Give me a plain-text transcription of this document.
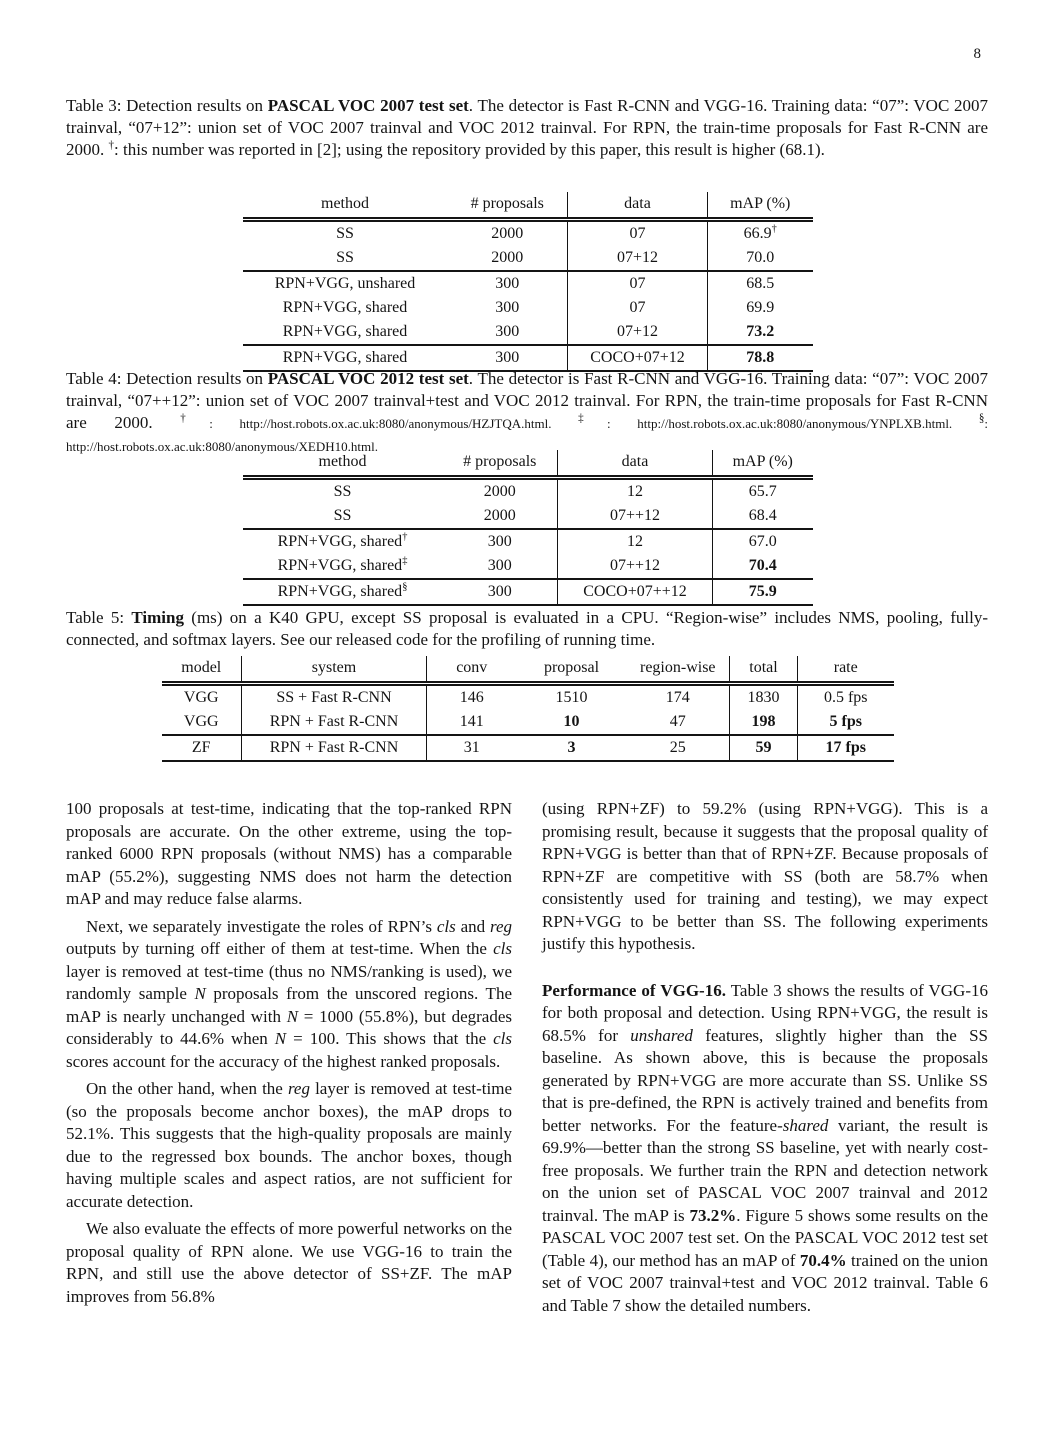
8
Table 3: Detection results on PASCAL VOC 2007 test set. The detector is Fast R-CNN and VGG-16. Training data: “07”: VOC 2007 trainval, “07+12”: union set of VOC 2007 trainval and VOC 2012 trainval. For RPN, the train-time proposals for Fast R-CNN are 2000. †: this number was reported in [2]; using the repository provided by this paper, this result is higher (68.1).
method	# proposals	data	mAP (%)
SS	2000	07	66.9†
SS	2000	07+12	70.0
RPN+VGG, unshared	300	07	68.5
RPN+VGG, shared	300	07	69.9
RPN+VGG, shared	300	07+12	73.2
RPN+VGG, shared	300	COCO+07+12	78.8
Table 4: Detection results on PASCAL VOC 2012 test set. The detector is Fast R-CNN and VGG-16. Training data: “07”: VOC 2007 trainval, “07++12”: union set of VOC 2007 trainval+test and VOC 2012 trainval. For RPN, the train-time proposals for Fast R-CNN are 2000. †: http://host.robots.ox.ac.uk:8080/anonymous/HZJTQA.html. ‡: http://host.robots.ox.ac.uk:8080/anonymous/YNPLXB.html. §: http://host.robots.ox.ac.uk:8080/anonymous/XEDH10.html.
method	# proposals	data	mAP (%)
SS	2000	12	65.7
SS	2000	07++12	68.4
RPN+VGG, shared†	300	12	67.0
RPN+VGG, shared‡	300	07++12	70.4
RPN+VGG, shared§	300	COCO+07++12	75.9
Table 5: Timing (ms) on a K40 GPU, except SS proposal is evaluated in a CPU. “Region-wise” includes NMS, pooling, fully-connected, and softmax layers. See our released code for the profiling of running time.
model	system	conv	proposal	region-wise	total	rate
VGG	SS + Fast R-CNN	146	1510	174	1830	0.5 fps
VGG	RPN + Fast R-CNN	141	10	47	198	5 fps
ZF	RPN + Fast R-CNN	31	3	25	59	17 fps

100 proposals at test-time, indicating that the top-ranked RPN proposals are accurate. On the other extreme, using the top-ranked 6000 RPN proposals (without NMS) has a comparable mAP (55.2%), suggesting NMS does not harm the detection mAP and may reduce false alarms.

Next, we separately investigate the roles of RPN’s cls and reg outputs by turning off either of them at test-time. When the cls layer is removed at test-time (thus no NMS/ranking is used), we randomly sample N proposals from the unscored regions. The mAP is nearly unchanged with N = 1000 (55.8%), but degrades considerably to 44.6% when N = 100. This shows that the cls scores account for the accuracy of the highest ranked proposals.

On the other hand, when the reg layer is removed at test-time (so the proposals become anchor boxes), the mAP drops to 52.1%. This suggests that the high-quality proposals are mainly due to the regressed box bounds. The anchor boxes, though having multiple scales and aspect ratios, are not sufficient for accurate detection.

We also evaluate the effects of more powerful networks on the proposal quality of RPN alone. We use VGG-16 to train the RPN, and still use the above detector of SS+ZF. The mAP improves from 56.8%

(using RPN+ZF) to 59.2% (using RPN+VGG). This is a promising result, because it suggests that the proposal quality of RPN+VGG is better than that of RPN+ZF. Because proposals of RPN+ZF are competitive with SS (both are 58.7% when consistently used for training and testing), we may expect RPN+VGG to be better than SS. The following experiments justify this hypothesis.

Performance of VGG-16. Table 3 shows the results of VGG-16 for both proposal and detection. Using RPN+VGG, the result is 68.5% for unshared features, slightly higher than the SS baseline. As shown above, this is because the proposals generated by RPN+VGG are more accurate than SS. Unlike SS that is pre-defined, the RPN is actively trained and benefits from better networks. For the feature-shared variant, the result is 69.9%—better than the strong SS baseline, yet with nearly cost-free proposals. We further train the RPN and detection network on the union set of PASCAL VOC 2007 trainval and 2012 trainval. The mAP is 73.2%. Figure 5 shows some results on the PASCAL VOC 2007 test set. On the PASCAL VOC 2012 test set (Table 4), our method has an mAP of 70.4% trained on the union set of VOC 2007 trainval+test and VOC 2012 trainval. Table 6 and Table 7 show the detailed numbers.
